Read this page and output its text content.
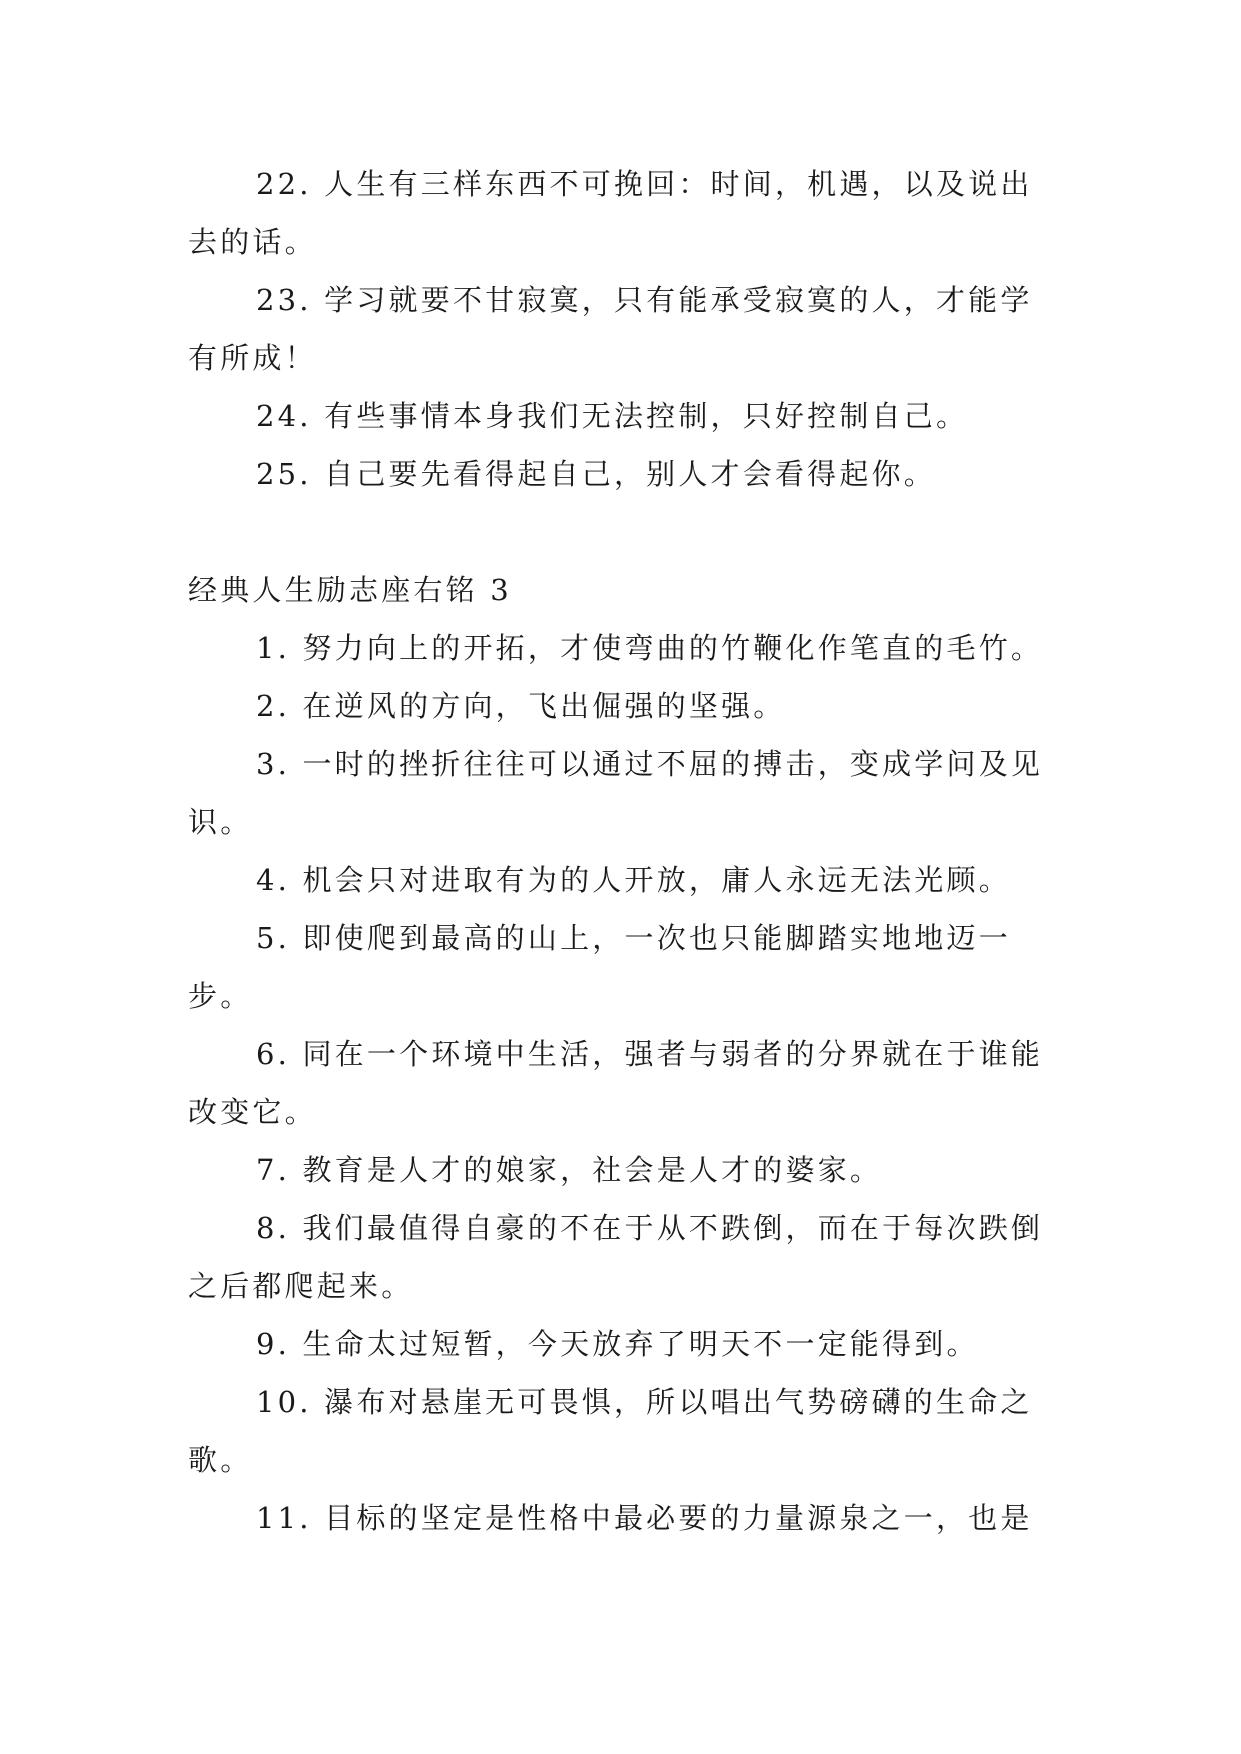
22. 人生有三样东西不可挽回：时间，机遇，以及说出去的话。

23. 学习就要不甘寂寞，只有能承受寂寞的人，才能学有所成！

24. 有些事情本身我们无法控制，只好控制自己。

25. 自己要先看得起自己，别人才会看得起你。

经典人生励志座右铭 3

1. 努力向上的开拓，才使弯曲的竹鞭化作笔直的毛竹。

2. 在逆风的方向，飞出倔强的坚强。

3. 一时的挫折往往可以通过不屈的搏击，变成学问及见识。

4. 机会只对进取有为的人开放，庸人永远无法光顾。

5. 即使爬到最高的山上，一次也只能脚踏实地地迈一步。

6. 同在一个环境中生活，强者与弱者的分界就在于谁能改变它。

7. 教育是人才的娘家，社会是人才的婆家。

8. 我们最值得自豪的不在于从不跌倒，而在于每次跌倒之后都爬起来。

9. 生命太过短暂，今天放弃了明天不一定能得到。

10. 瀑布对悬崖无可畏惧，所以唱出气势磅礴的生命之歌。

11. 目标的坚定是性格中最必要的力量源泉之一，也是
